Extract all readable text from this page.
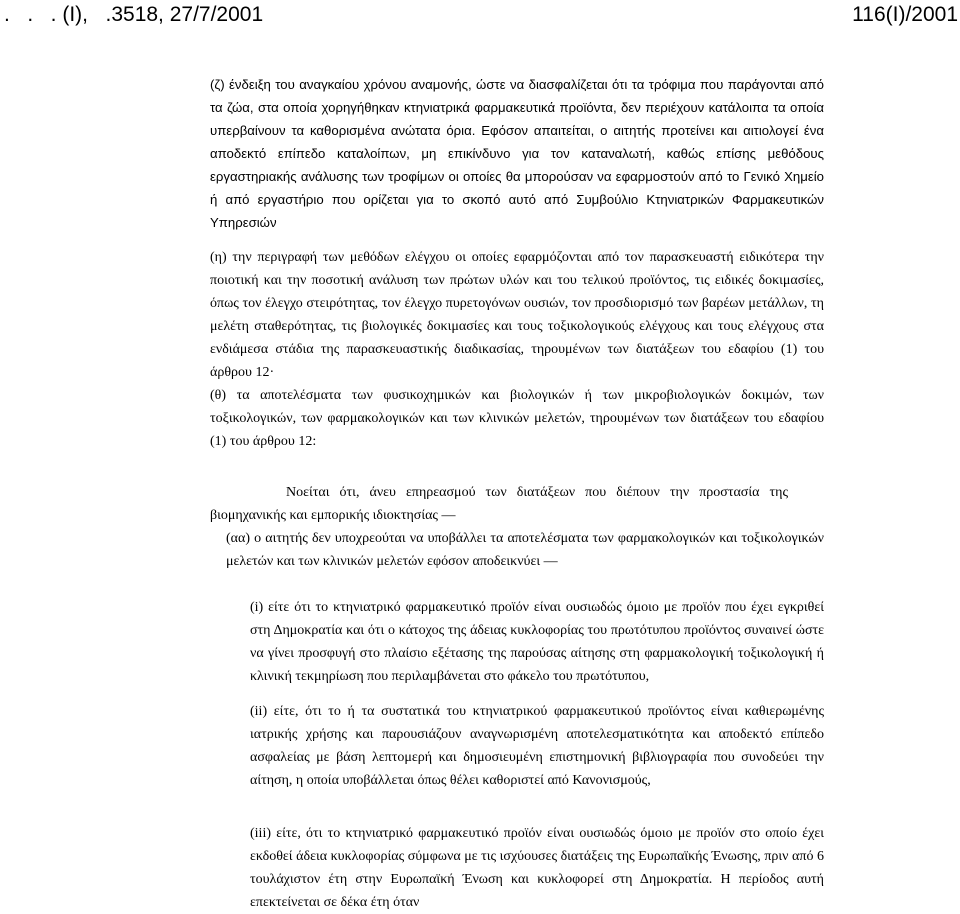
.   .   . (Ι),   .3518, 27/7/2001	116(Ι)/2001

(ζ) ένδειξη του αναγκαίου χρόνου αναμονής, ώστε να διασφαλίζεται ότι τα τρόφιμα που παράγονται από τα ζώα, στα οποία χορηγήθηκαν κτηνιατρικά φαρμακευτικά προϊόντα, δεν περιέχουν κατάλοιπα τα οποία υπερβαίνουν τα καθορισμένα ανώτατα όρια. Εφόσον απαιτείται, ο αιτητής προτείνει και αιτιολογεί ένα αποδεκτό επίπεδο καταλοίπων, μη επικίνδυνο για τον καταναλωτή, καθώς επίσης μεθόδους εργαστηριακής ανάλυσης των τροφίμων οι οποίες θα μπορούσαν να εφαρμοστούν από το Γενικό Χημείο ή από εργαστήριο που ορίζεται για το σκοπό αυτό από Συμβούλιο Κτηνιατρικών Φαρμακευτικών Υπηρεσιών

(η) την περιγραφή των μεθόδων ελέγχου οι οποίες εφαρμόζονται από τον παρασκευαστή ειδικότερα την ποιοτική και την ποσοτική ανάλυση των πρώτων υλών και του τελικού προϊόντος, τις ειδικές δοκιμασίες, όπως τον έλεγχο στειρότητας, τον έλεγχο πυρετογόνων ουσιών, τον προσδιορισμό των βαρέων μετάλλων, τη μελέτη σταθερότητας, τις βιολογικές δοκιμασίες και τους τοξικολογικούς ελέγχους και τους ελέγχους στα ενδιάμεσα στάδια της παρασκευαστικής διαδικασίας, τηρουμένων των διατάξεων του εδαφίου (1) του άρθρου 12·

(θ) τα αποτελέσματα των φυσικοχημικών και βιολογικών ή των μικροβιολογικών δοκιμών, των τοξικολογικών, των φαρμακολογικών και των κλινικών μελετών, τηρουμένων των διατάξεων του εδαφίου (1) του άρθρου 12:

Νοείται ότι, άνευ επηρεασμού των διατάξεων που διέπουν την προστασία της βιομηχανικής και εμπορικής ιδιοκτησίας —

(αα) ο αιτητής δεν υποχρεούται να υποβάλλει τα αποτελέσματα των φαρμακολογικών και τοξικολογικών μελετών και των κλινικών μελετών εφόσον αποδεικνύει —

(i) είτε ότι το κτηνιατρικό φαρμακευτικό προϊόν είναι ουσιωδώς όμοιο με προϊόν που έχει εγκριθεί στη Δημοκρατία και ότι ο κάτοχος της άδειας κυκλοφορίας του πρωτότυπου προϊόντος συναινεί ώστε να γίνει προσφυγή στο πλαίσιο εξέτασης της παρούσας αίτησης στη φαρμακολογική τοξικολογική ή κλινική τεκμηρίωση που περιλαμβάνεται στο φάκελο του πρωτότυπου,

(ii) είτε, ότι το ή τα συστατικά του κτηνιατρικού φαρμακευτικού προϊόντος είναι καθιερωμένης ιατρικής χρήσης και παρουσιάζουν αναγνωρισμένη αποτελεσματικότητα και αποδεκτό επίπεδο ασφαλείας με βάση λεπτομερή και δημοσιευμένη επιστημονική βιβλιογραφία που συνοδεύει την αίτηση, η οποία υποβάλλεται όπως θέλει καθοριστεί από Κανονισμούς,

(iii) είτε, ότι το κτηνιατρικό φαρμακευτικό προϊόν είναι ουσιωδώς όμοιο με προϊόν στο οποίο έχει εκδοθεί άδεια κυκλοφορίας σύμφωνα με τις ισχύουσες διατάξεις της Ευρωπαϊκής Ένωσης, πριν από 6 τουλάχιστον έτη στην Ευρωπαϊκή Ένωση και κυκλοφορεί στη Δημοκρατία. Η περίοδος αυτή επεκτείνεται σε δέκα έτη όταν
